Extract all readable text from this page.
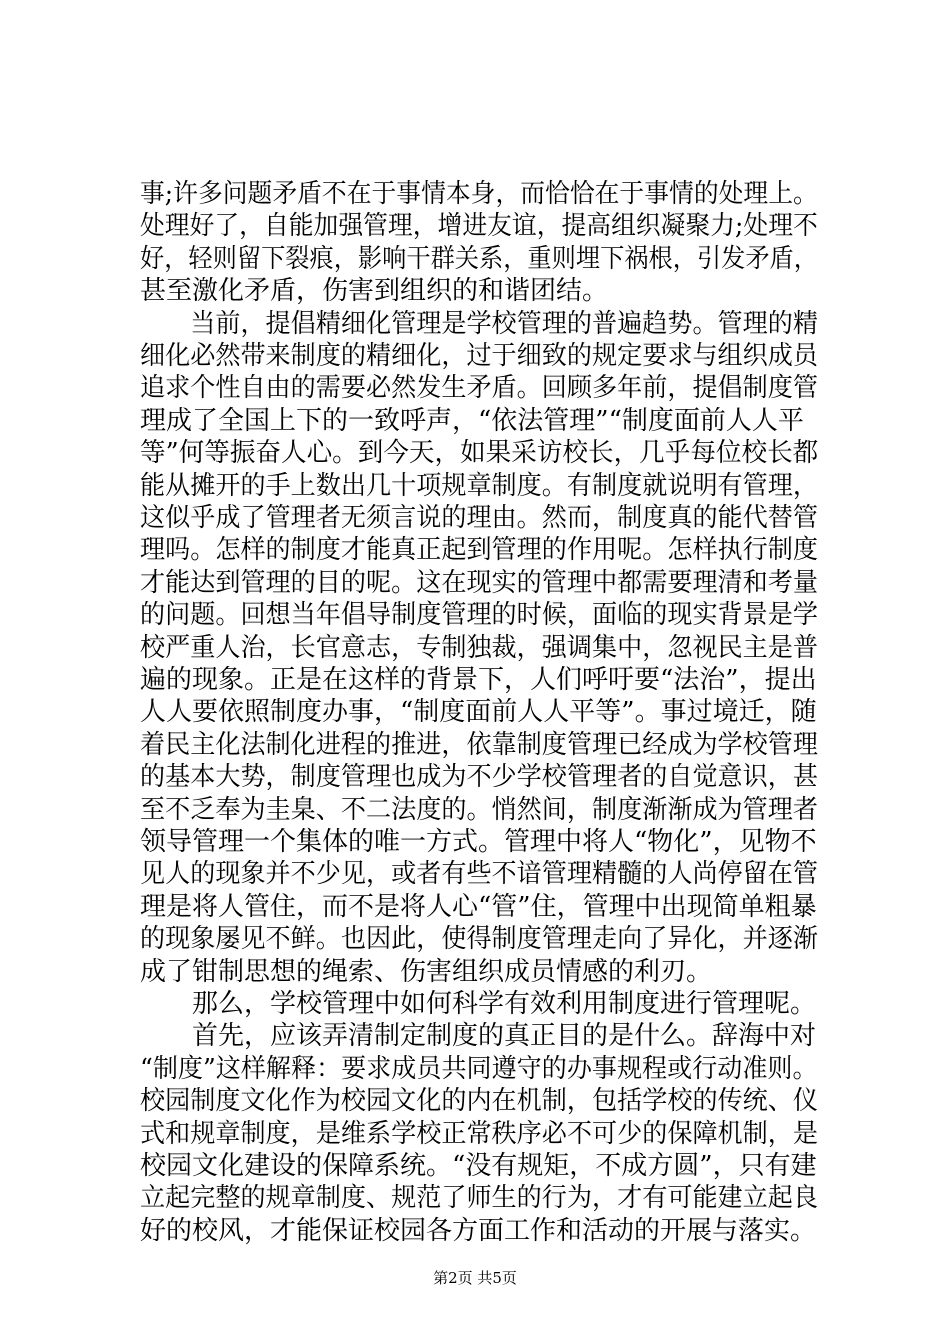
事;许多问题矛盾不在于事情本身，而恰恰在于事情的处理上。
处理好了，自能加强管理，增进友谊，提高组织凝聚力;处理不
好，轻则留下裂痕，影响干群关系，重则埋下祸根，引发矛盾，
甚至激化矛盾，伤害到组织的和谐团结。
　　当前，提倡精细化管理是学校管理的普遍趋势。管理的精
细化必然带来制度的精细化，过于细致的规定要求与组织成员
追求个性自由的需要必然发生矛盾。回顾多年前，提倡制度管
理成了全国上下的一致呼声，“依法管理”“制度面前人人平
等”何等振奋人心。到今天，如果采访校长，几乎每位校长都
能从摊开的手上数出几十项规章制度。有制度就说明有管理，
这似乎成了管理者无须言说的理由。然而，制度真的能代替管
理吗。怎样的制度才能真正起到管理的作用呢。怎样执行制度
才能达到管理的目的呢。这在现实的管理中都需要理清和考量
的问题。回想当年倡导制度管理的时候，面临的现实背景是学
校严重人治，长官意志，专制独裁，强调集中，忽视民主是普
遍的现象。正是在这样的背景下，人们呼吁要“法治”，提出
人人要依照制度办事，“制度面前人人平等”。事过境迁，随
着民主化法制化进程的推进，依靠制度管理已经成为学校管理
的基本大势，制度管理也成为不少学校管理者的自觉意识，甚
至不乏奉为圭臬、不二法度的。悄然间，制度渐渐成为管理者
领导管理一个集体的唯一方式。管理中将人“物化”，见物不
见人的现象并不少见，或者有些不谙管理精髓的人尚停留在管
理是将人管住，而不是将人心“管”住，管理中出现简单粗暴
的现象屡见不鲜。也因此，使得制度管理走向了异化，并逐渐
成了钳制思想的绳索、伤害组织成员情感的利刃。
　　那么，学校管理中如何科学有效利用制度进行管理呢。
　　首先，应该弄清制定制度的真正目的是什么。辞海中对
“制度”这样解释：要求成员共同遵守的办事规程或行动准则。
校园制度文化作为校园文化的内在机制，包括学校的传统、仪
式和规章制度，是维系学校正常秩序必不可少的保障机制，是
校园文化建设的保障系统。“没有规矩，不成方圆”，只有建
立起完整的规章制度、规范了师生的行为，才有可能建立起良
好的校风，才能保证校园各方面工作和活动的开展与落实。
第2页 共5页
